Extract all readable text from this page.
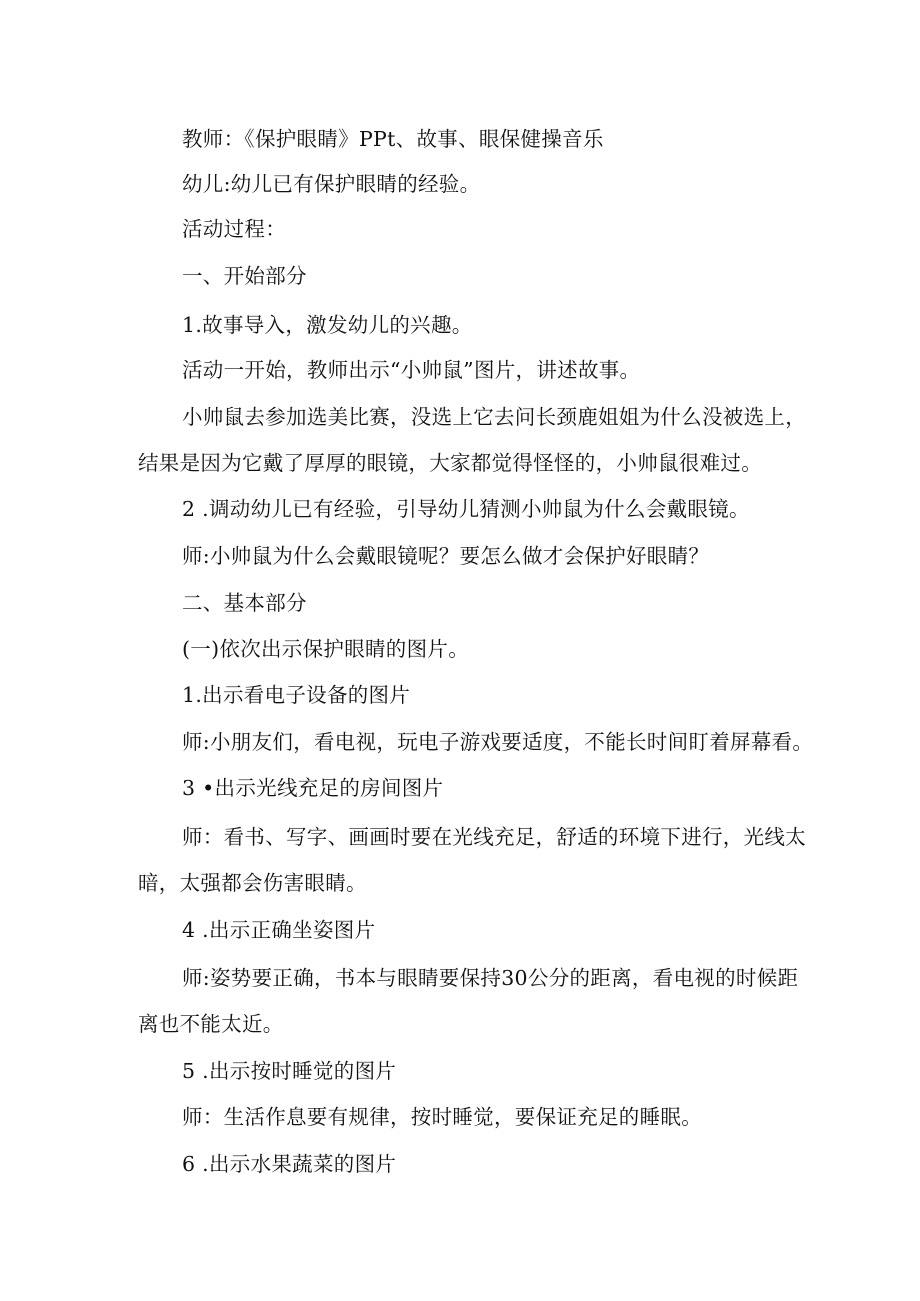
教师：《保护眼睛》PPt、故事、眼保健操音乐

幼儿:幼儿已有保护眼睛的经验。

活动过程：

一、开始部分

1.故事导入，激发幼儿的兴趣。

活动一开始，教师出示“小帅鼠”图片，讲述故事。

小帅鼠去参加选美比赛，没选上它去问长颈鹿姐姐为什么没被选上，

结果是因为它戴了厚厚的眼镜，大家都觉得怪怪的，小帅鼠很难过。

2 .调动幼儿已有经验，引导幼儿猜测小帅鼠为什么会戴眼镜。

师:小帅鼠为什么会戴眼镜呢？要怎么做才会保护好眼睛？

二、基本部分

(一)依次出示保护眼睛的图片。

1.出示看电子设备的图片

师:小朋友们，看电视，玩电子游戏要适度，不能长时间盯着屏幕看。

3 •出示光线充足的房间图片

师：看书、写字、画画时要在光线充足，舒适的环境下进行，光线太

暗，太强都会伤害眼睛。

4 .出示正确坐姿图片

师:姿势要正确，书本与眼睛要保持30公分的距离，看电视的时候距

离也不能太近。

5 .出示按时睡觉的图片

师：生活作息要有规律，按时睡觉，要保证充足的睡眠。

6 .出示水果蔬菜的图片
